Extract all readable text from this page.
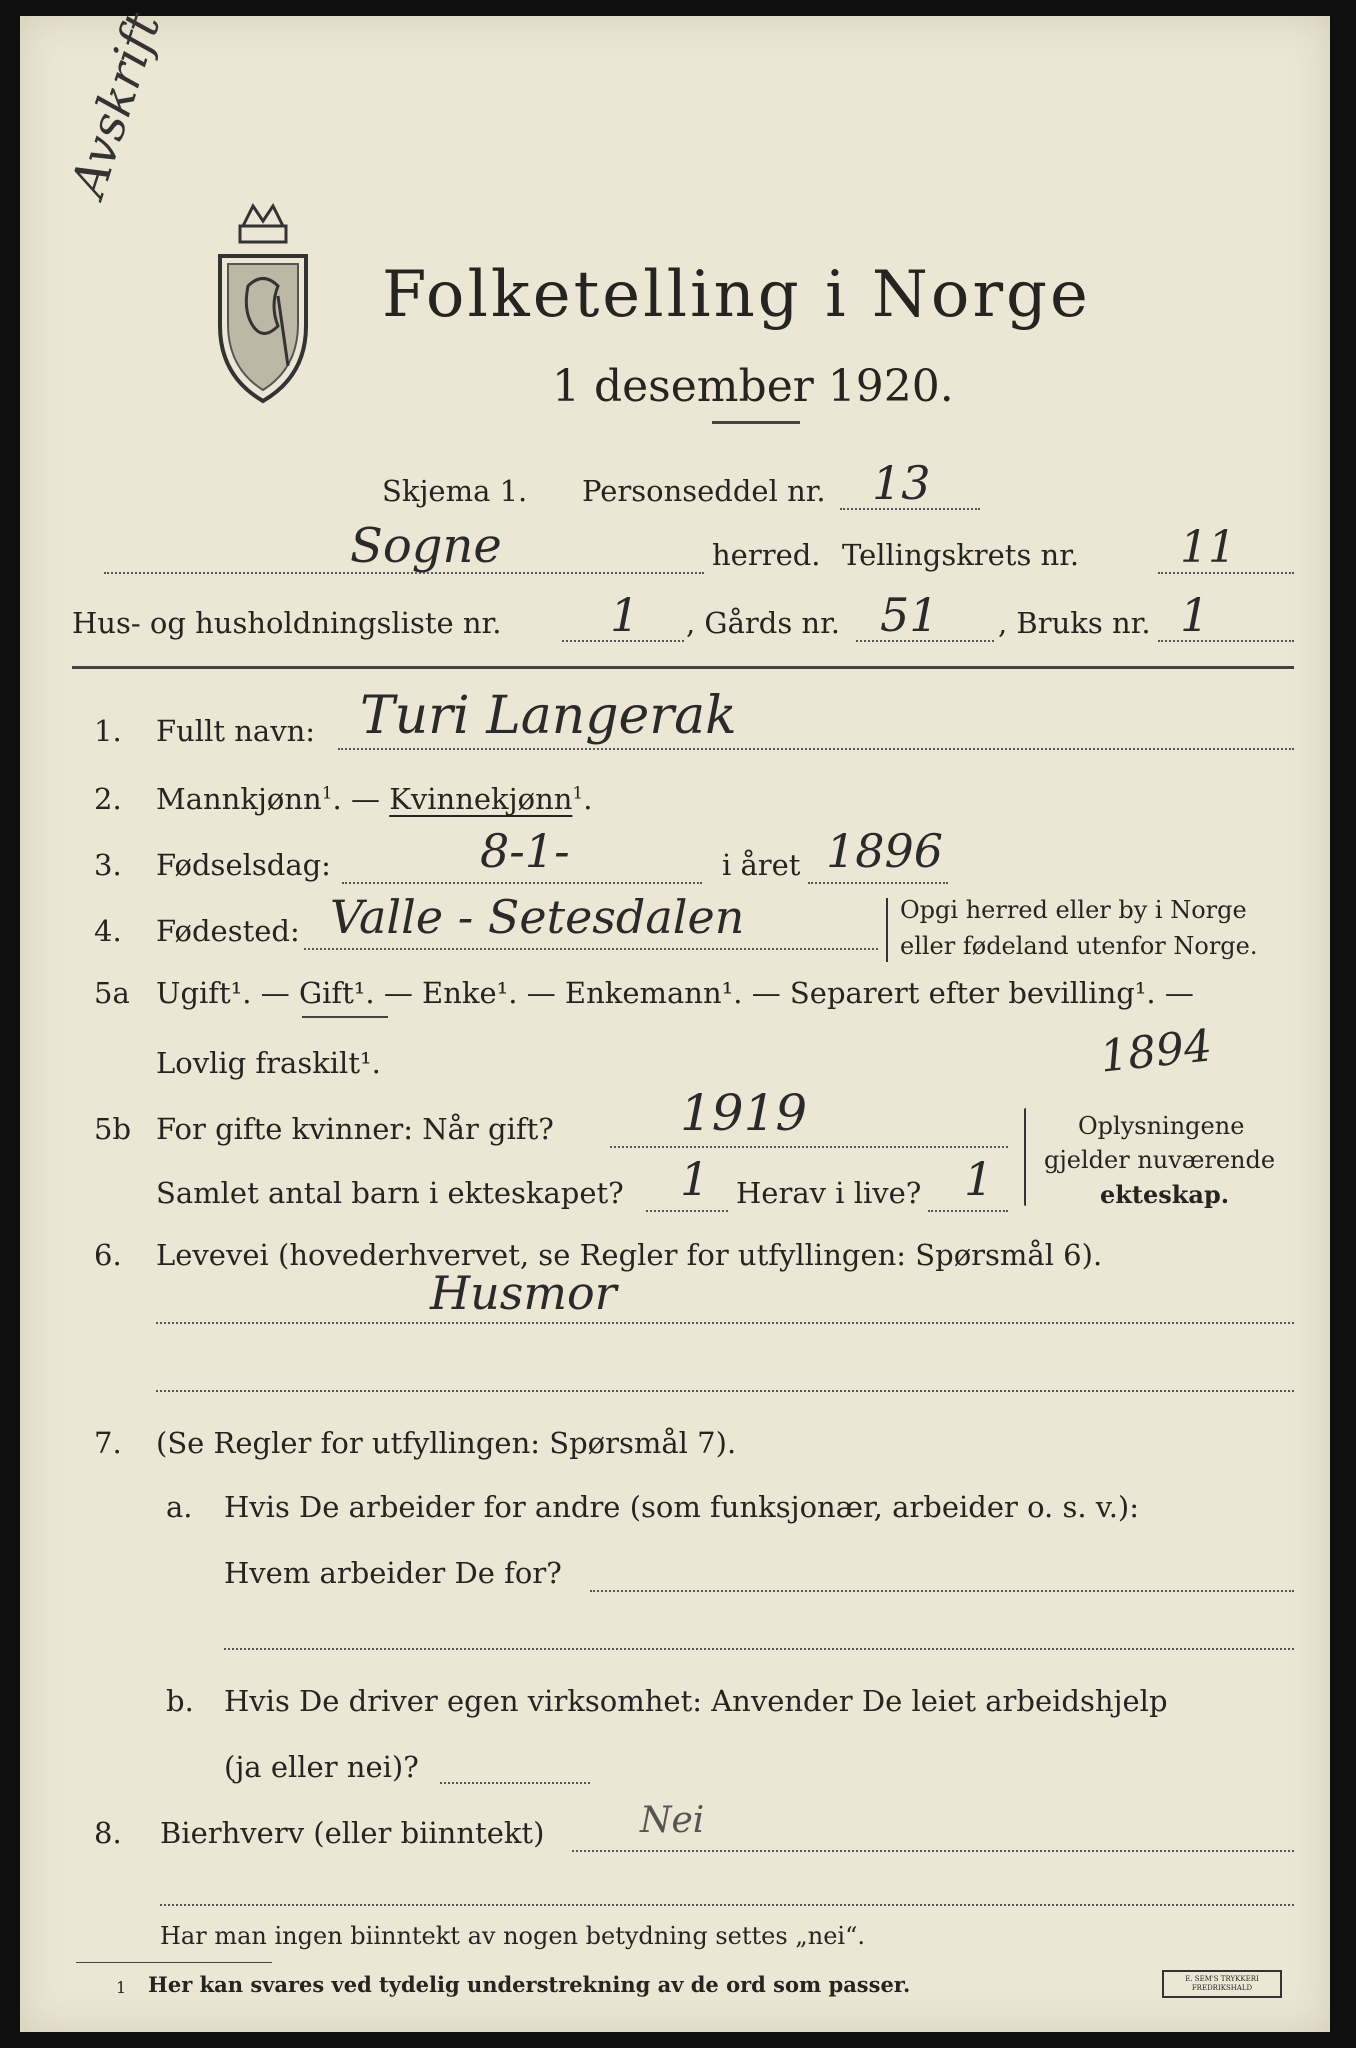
Avskrift
Folketelling i Norge
1 desember 1920.
Skjema 1. Personseddel nr. 13
Sogne	herred. Tellingskrets nr. 11
Hus- og husholdningsliste nr. 1 , Gårds nr. 51 , Bruks nr. 1
1. Fullt navn: Turi Langerak
2. Mannkjønn$^1$. — Kvinnekjønn$^1$.
3. Fødselsdag:	8-1-	i året 1896
4. Fødested: Valle - Setesdalen	Opgi herred eller by i Norge
eller fødeland utenfor Norge.
5a Ugift¹. — Gift¹. — Enke¹. — Enkemann¹. — Separert efter bevilling¹. —
Lovlig fraskilt¹.	1894
5b For gifte kvinner: Når gift?	1919
Samlet antal barn i ekteskapet? 1 Herav i live? 1
Oplysningene
gjelder nuværende
ekteskap.
6. Levevei (hovederhvervet, se Regler for utfyllingen: Spørsmål 6).
Husmor
7. (Se Regler for utfyllingen: Spørsmål 7).
a. Hvis De arbeider for andre (som funksjonær, arbeider o. s. v.):
Hvem arbeider De for?
b. Hvis De driver egen virksomhet: Anvender De leiet arbeidshjelp
(ja eller nei)?
8. Bierhverv (eller biinntekt)	Nei
Har man ingen biinntekt av nogen betydning settes „nei“.
1 Her kan svares ved tydelig understrekning av de ord som passer.	E. SEM'S TRYKKERI FREDRIKSHALD
